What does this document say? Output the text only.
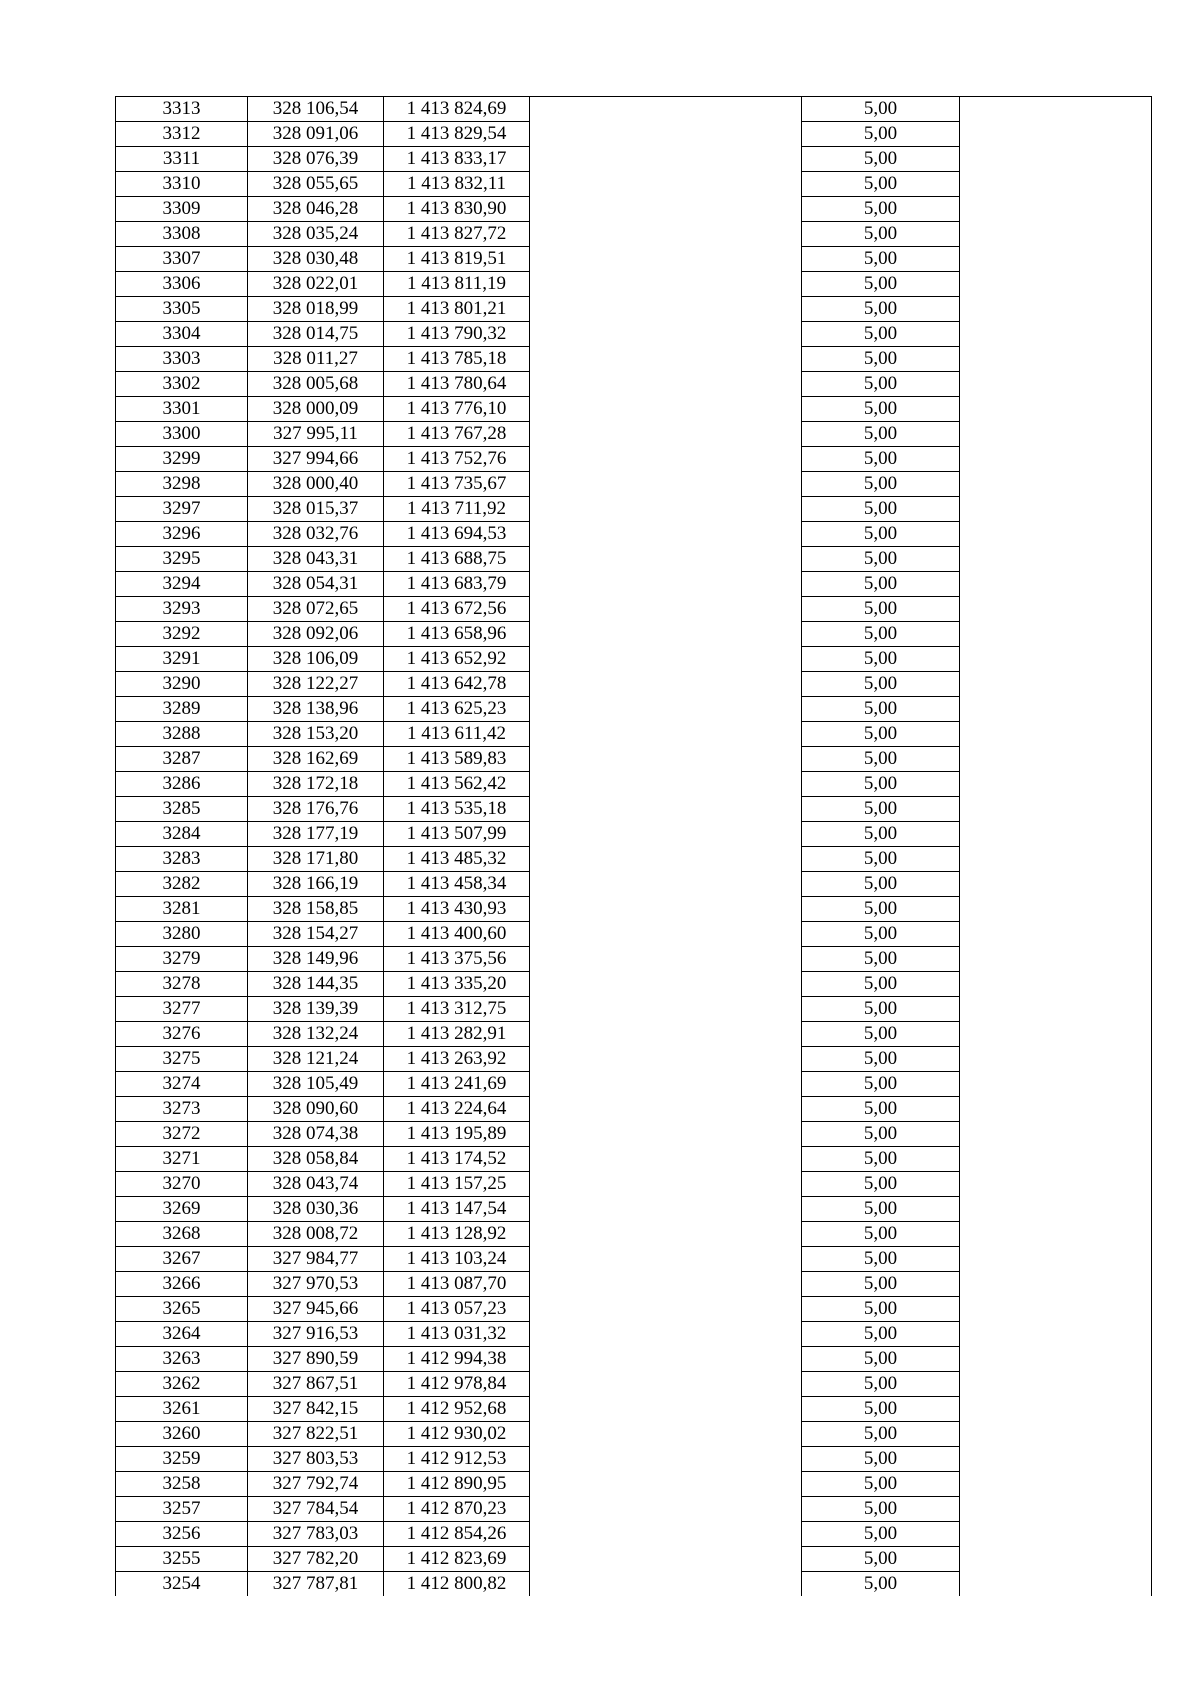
3313	328 106,54	1 413 824,69		5,00	
3312	328 091,06	1 413 829,54		5,00	
3311	328 076,39	1 413 833,17		5,00	
3310	328 055,65	1 413 832,11		5,00	
3309	328 046,28	1 413 830,90		5,00	
3308	328 035,24	1 413 827,72		5,00	
3307	328 030,48	1 413 819,51		5,00	
3306	328 022,01	1 413 811,19		5,00	
3305	328 018,99	1 413 801,21		5,00	
3304	328 014,75	1 413 790,32		5,00	
3303	328 011,27	1 413 785,18		5,00	
3302	328 005,68	1 413 780,64		5,00	
3301	328 000,09	1 413 776,10		5,00	
3300	327 995,11	1 413 767,28		5,00	
3299	327 994,66	1 413 752,76		5,00	
3298	328 000,40	1 413 735,67		5,00	
3297	328 015,37	1 413 711,92		5,00	
3296	328 032,76	1 413 694,53		5,00	
3295	328 043,31	1 413 688,75		5,00	
3294	328 054,31	1 413 683,79		5,00	
3293	328 072,65	1 413 672,56		5,00	
3292	328 092,06	1 413 658,96		5,00	
3291	328 106,09	1 413 652,92		5,00	
3290	328 122,27	1 413 642,78		5,00	
3289	328 138,96	1 413 625,23		5,00	
3288	328 153,20	1 413 611,42		5,00	
3287	328 162,69	1 413 589,83		5,00	
3286	328 172,18	1 413 562,42		5,00	
3285	328 176,76	1 413 535,18		5,00	
3284	328 177,19	1 413 507,99		5,00	
3283	328 171,80	1 413 485,32		5,00	
3282	328 166,19	1 413 458,34		5,00	
3281	328 158,85	1 413 430,93		5,00	
3280	328 154,27	1 413 400,60		5,00	
3279	328 149,96	1 413 375,56		5,00	
3278	328 144,35	1 413 335,20		5,00	
3277	328 139,39	1 413 312,75		5,00	
3276	328 132,24	1 413 282,91		5,00	
3275	328 121,24	1 413 263,92		5,00	
3274	328 105,49	1 413 241,69		5,00	
3273	328 090,60	1 413 224,64		5,00	
3272	328 074,38	1 413 195,89		5,00	
3271	328 058,84	1 413 174,52		5,00	
3270	328 043,74	1 413 157,25		5,00	
3269	328 030,36	1 413 147,54		5,00	
3268	328 008,72	1 413 128,92		5,00	
3267	327 984,77	1 413 103,24		5,00	
3266	327 970,53	1 413 087,70		5,00	
3265	327 945,66	1 413 057,23		5,00	
3264	327 916,53	1 413 031,32		5,00	
3263	327 890,59	1 412 994,38		5,00	
3262	327 867,51	1 412 978,84		5,00	
3261	327 842,15	1 412 952,68		5,00	
3260	327 822,51	1 412 930,02		5,00	
3259	327 803,53	1 412 912,53		5,00	
3258	327 792,74	1 412 890,95		5,00	
3257	327 784,54	1 412 870,23		5,00	
3256	327 783,03	1 412 854,26		5,00	
3255	327 782,20	1 412 823,69		5,00	
3254	327 787,81	1 412 800,82		5,00	
